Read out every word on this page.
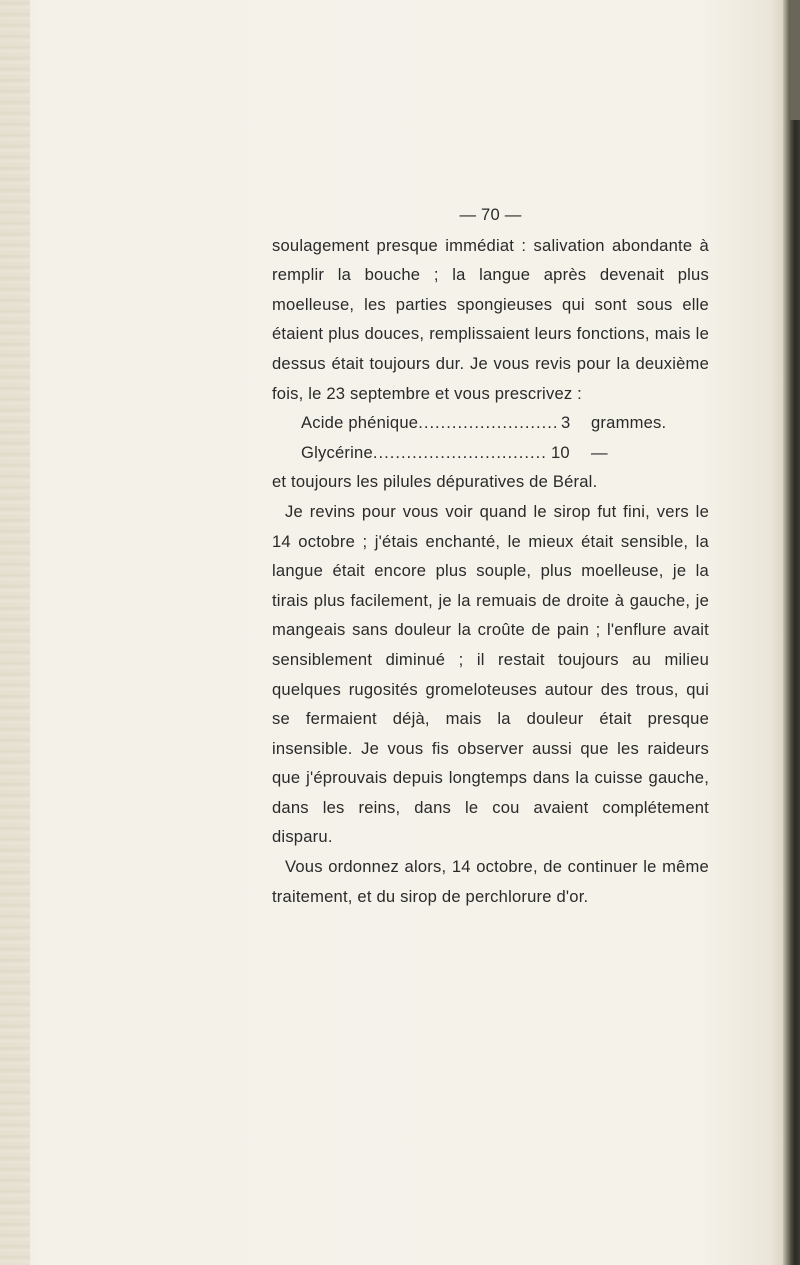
— 70 —

soulagement presque immédiat : salivation abondante à remplir la bouche ; la langue après devenait plus moelleuse, les parties spongieuses qui sont sous elle étaient plus douces, remplissaient leurs fonctions, mais le dessus était toujours dur. Je vous revis pour la deuxième fois, le 23 septembre et vous prescrivez :

Acide phénique .....	3	grammes.
Glycérine .....	10	—

et toujours les pilules dépuratives de Béral.

Je revins pour vous voir quand le sirop fut fini, vers le 14 octobre ; j'étais enchanté, le mieux était sensible, la langue était encore plus souple, plus moelleuse, je la tirais plus facilement, je la remuais de droite à gauche, je mangeais sans douleur la croûte de pain ; l'enflure avait sensiblement diminué ; il restait toujours au milieu quelques rugosités gromeloteuses autour des trous, qui se fermaient déjà, mais la douleur était presque insensible. Je vous fis observer aussi que les raideurs que j'éprouvais depuis longtemps dans la cuisse gauche, dans les reins, dans le cou avaient complétement disparu.

Vous ordonnez alors, 14 octobre, de continuer le même traitement, et du sirop de perchlorure d'or.
